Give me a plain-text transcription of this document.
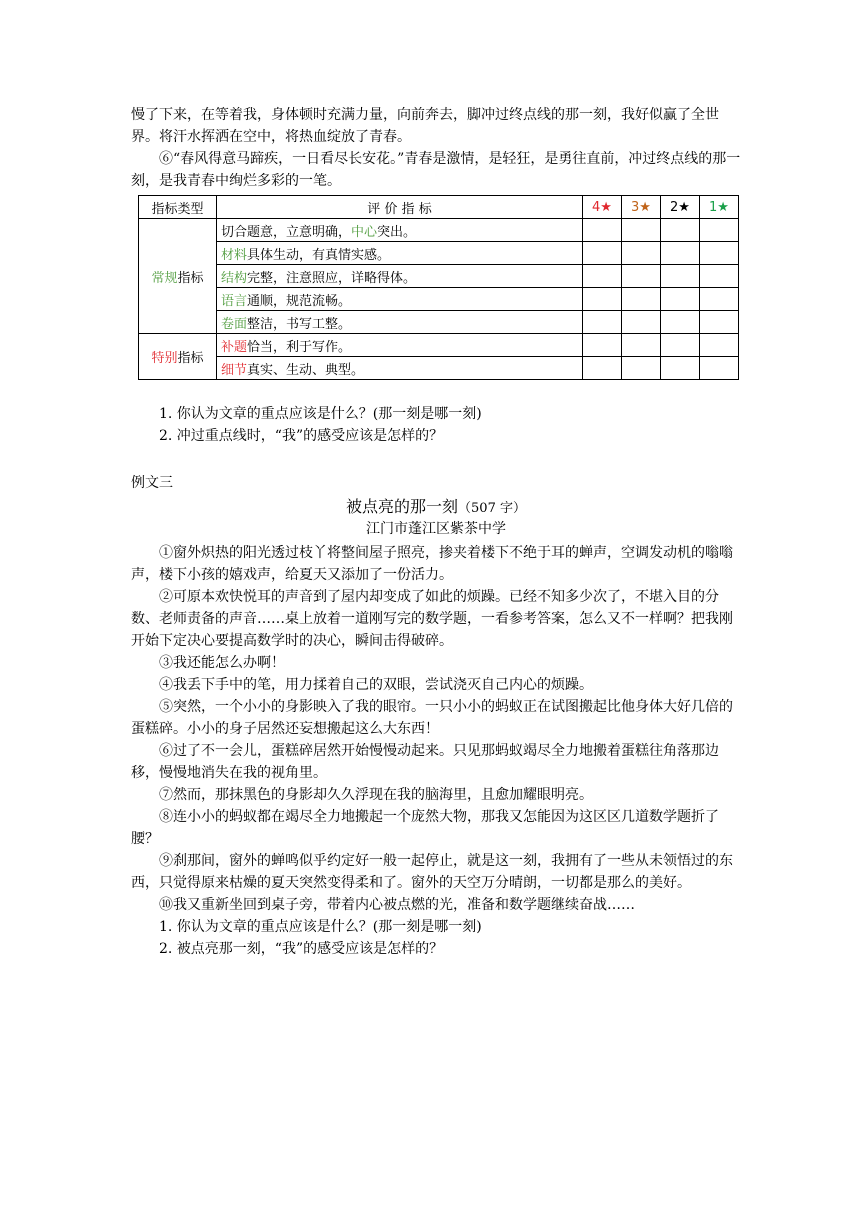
慢了下来，在等着我，身体顿时充满力量，向前奔去，脚冲过终点线的那一刻，我好似赢了全世界。将汗水挥洒在空中，将热血绽放了青春。

⑥“春风得意马蹄疾，一日看尽长安花。”青春是激情，是轻狂，是勇往直前，冲过终点线的那一刻，是我青春中绚烂多彩的一笔。

指标类型	评 价 指 标	4★	3★	2★	1★
常规指标	切合题意，立意明确，中心突出。				
	材料具体生动，有真情实感。				
	结构完整，注意照应，详略得体。				
	语言通顺，规范流畅。				
	卷面整洁，书写工整。				
特别指标	补题恰当，利于写作。				
	细节真实、生动、典型。				

1. 你认为文章的重点应该是什么？(那一刻是哪一刻)

2. 冲过重点线时，“我”的感受应该是怎样的？

例文三
被点亮的那一刻（507 字）
江门市蓬江区紫茶中学

①窗外炽热的阳光透过枝丫将整间屋子照亮，掺夹着楼下不绝于耳的蝉声，空调发动机的嗡嗡声，楼下小孩的嬉戏声，给夏天又添加了一份活力。

②可原本欢快悦耳的声音到了屋内却变成了如此的烦躁。已经不知多少次了，不堪入目的分数、老师责备的声音……桌上放着一道刚写完的数学题，一看参考答案，怎么又不一样啊？把我刚开始下定决心要提高数学时的决心，瞬间击得破碎。

③我还能怎么办啊！

④我丢下手中的笔，用力揉着自己的双眼，尝试浇灭自己内心的烦躁。

⑤突然，一个小小的身影映入了我的眼帘。一只小小的蚂蚁正在试图搬起比他身体大好几倍的蛋糕碎。小小的身子居然还妄想搬起这么大东西！

⑥过了不一会儿，蛋糕碎居然开始慢慢动起来。只见那蚂蚁竭尽全力地搬着蛋糕往角落那边移，慢慢地消失在我的视角里。

⑦然而，那抹黑色的身影却久久浮现在我的脑海里，且愈加耀眼明亮。

⑧连小小的蚂蚁都在竭尽全力地搬起一个庞然大物，那我又怎能因为这区区几道数学题折了腰？

⑨刹那间，窗外的蝉鸣似乎约定好一般一起停止，就是这一刻，我拥有了一些从未领悟过的东西，只觉得原来枯燥的夏天突然变得柔和了。窗外的天空万分晴朗，一切都是那么的美好。

⑩我又重新坐回到桌子旁，带着内心被点燃的光，准备和数学题继续奋战……

1. 你认为文章的重点应该是什么？(那一刻是哪一刻)

2. 被点亮那一刻，“我”的感受应该是怎样的？
